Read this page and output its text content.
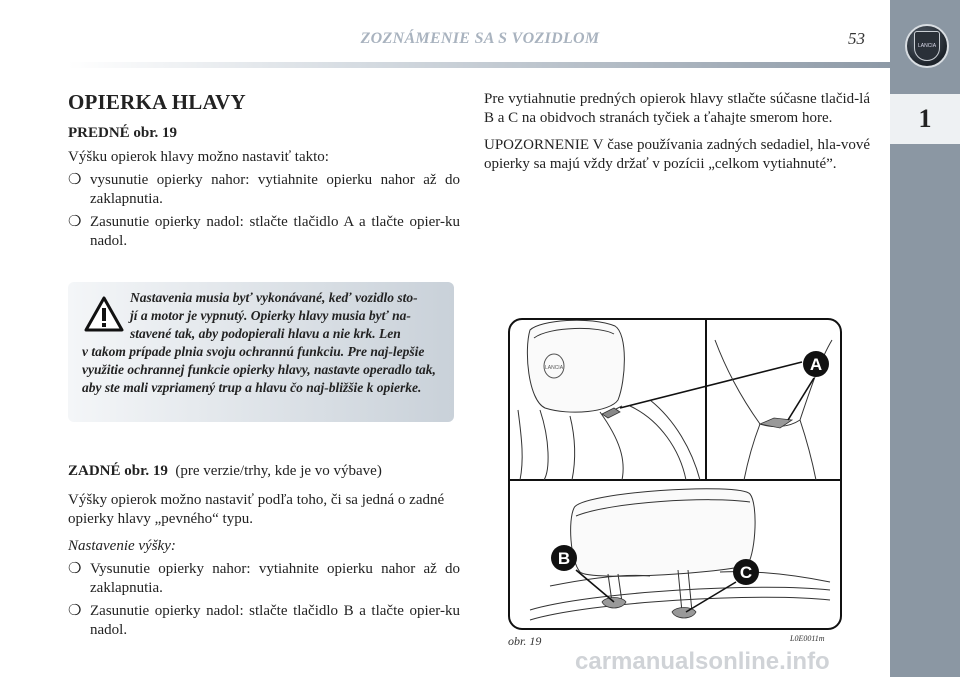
ZOZNÁMENIE SA S VOZIDLOM	53	LANCIA
1
OPIERKA HLAVY
PREDNÉ obr. 19

Výšku opierok hlavy možno nastaviť takto:

❍ vysunutie opierky nahor: vytiahnite opierku nahor až do zaklapnutia.
❍ Zasunutie opierky nadol: stlačte tlačidlo A a tlačte opier-ku nadol.
Nastavenia musia byť vykonávané, keď vozidlo sto-
jí a motor je vypnutý. Opierky hlavy musia byť na-
stavené tak, aby podopierali hlavu a nie krk. Len
v takom prípade plnia svoju ochrannú funkciu. Pre naj-lepšie využitie ochrannej funkcie opierky hlavy, nastavte operadlo tak, aby ste mali vzpriamený trup a hlavu čo naj-bližšie k opierke.

ZADNÉ obr. 19 (pre verzie/trhy, kde je vo výbave)

Výšky opierok možno nastaviť podľa toho, či sa jedná o zadné opierky hlavy „pevného“ typu.

Nastavenie výšky:

❍ Vysunutie opierky nahor: vytiahnite opierku nahor až do zaklapnutia.
❍ Zasunutie opierky nadol: stlačte tlačidlo B a tlačte opier-ku nadol.

Pre vytiahnutie predných opierok hlavy stlačte súčasne tlačid-lá B a C na obidvoch stranách tyčiek a ťahajte smerom hore.

UPOZORNENIE V čase používania zadných sedadiel, hla-vové opierky sa majú vždy držať v pozícii „celkom vytiahnuté”.

LANCIA	A
B
C
obr. 19	L0E0011m
carmanualsonline.info
